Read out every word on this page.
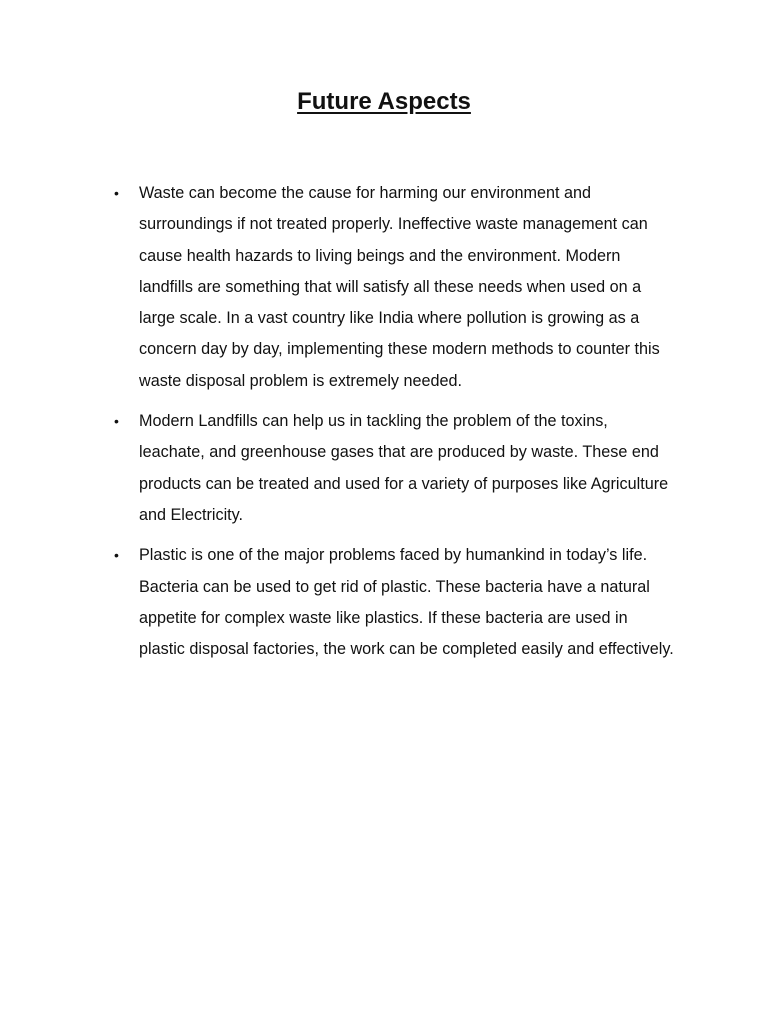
Future Aspects
• Waste can become the cause for harming our environment and surroundings if not treated properly. Ineffective waste management can cause health hazards to living beings and the environment. Modern landfills are something that will satisfy all these needs when used on a large scale. In a vast country like India where pollution is growing as a concern day by day, implementing these modern methods to counter this waste disposal problem is extremely needed.
• Modern Landfills can help us in tackling the problem of the toxins, leachate, and greenhouse gases that are produced by waste. These end products can be treated and used for a variety of purposes like Agriculture and Electricity.
• Plastic is one of the major problems faced by humankind in today’s life. Bacteria can be used to get rid of plastic. These bacteria have a natural appetite for complex waste like plastics. If these bacteria are used in plastic disposal factories, the work can be completed easily and effectively.
